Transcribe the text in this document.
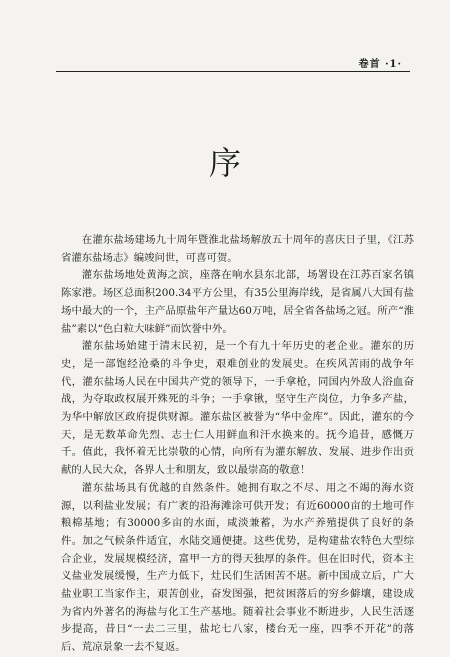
卷首 ·1·
序

在灌东盐场建场九十周年暨淮北盐场解放五十周年的喜庆日子里，《江苏省灌东盐场志》编竣问世，可喜可贺。

灌东盐场地处黄海之滨，座落在响水县东北部，场署设在江苏百家名镇陈家港。场区总面积200.34平方公里，有35公里海岸线，是省属八大国有盐场中最大的一个，主产品原盐年产量达60万吨，居全省各盐场之冠。所产“淮盐”素以“色白粒大味鲜”而饮誉中外。

灌东盐场始建于清末民初，是一个有九十年历史的老企业。灌东的历史，是一部饱经沧桑的斗争史，艰难创业的发展史。在疾风苦雨的战争年代，灌东盐场人民在中国共产党的领导下，一手拿枪，同国内外敌人浴血奋战，为夺取政权展开殊死的斗争；一手拿锹，坚守生产岗位，力争多产盐，为华中解放区政府提供财源。灌东盐区被誉为“华中金库”。因此，灌东的今天，是无数革命先烈、志士仁人用鲜血和汗水换来的。抚今追昔，感慨万千。值此，我怀着无比崇敬的心情，向所有为灌东解放、发展、进步作出贡献的人民大众，各界人士和朋友，致以最崇高的敬意！

灌东盐场具有优越的自然条件。她拥有取之不尽、用之不竭的海水资源，以利盐业发展；有广袤的沿海滩涂可供开发；有近60000亩的土地可作粮棉基地；有30000多亩的水面，咸淡兼蓄，为水产养殖提供了良好的条件。加之气候条件适宜，水陆交通便捷。这些优势，是构建盐农特色大型综合企业，发展规模经济，富甲一方的得天独厚的条件。但在旧时代，资本主义盐业发展缓慢，生产力低下，灶民们生活困苦不堪。新中国成立后，广大盐业职工当家作主，艰苦创业，奋发图强，把贫困落后的穷乡僻壤，建设成为省内外著名的海盐与化工生产基地。随着社会事业不断进步，人民生活逐步提高，昔日“一去二三里，盐坨七八家，楼台无一座，四季不开花”的落后、荒凉景象一去不复返。
